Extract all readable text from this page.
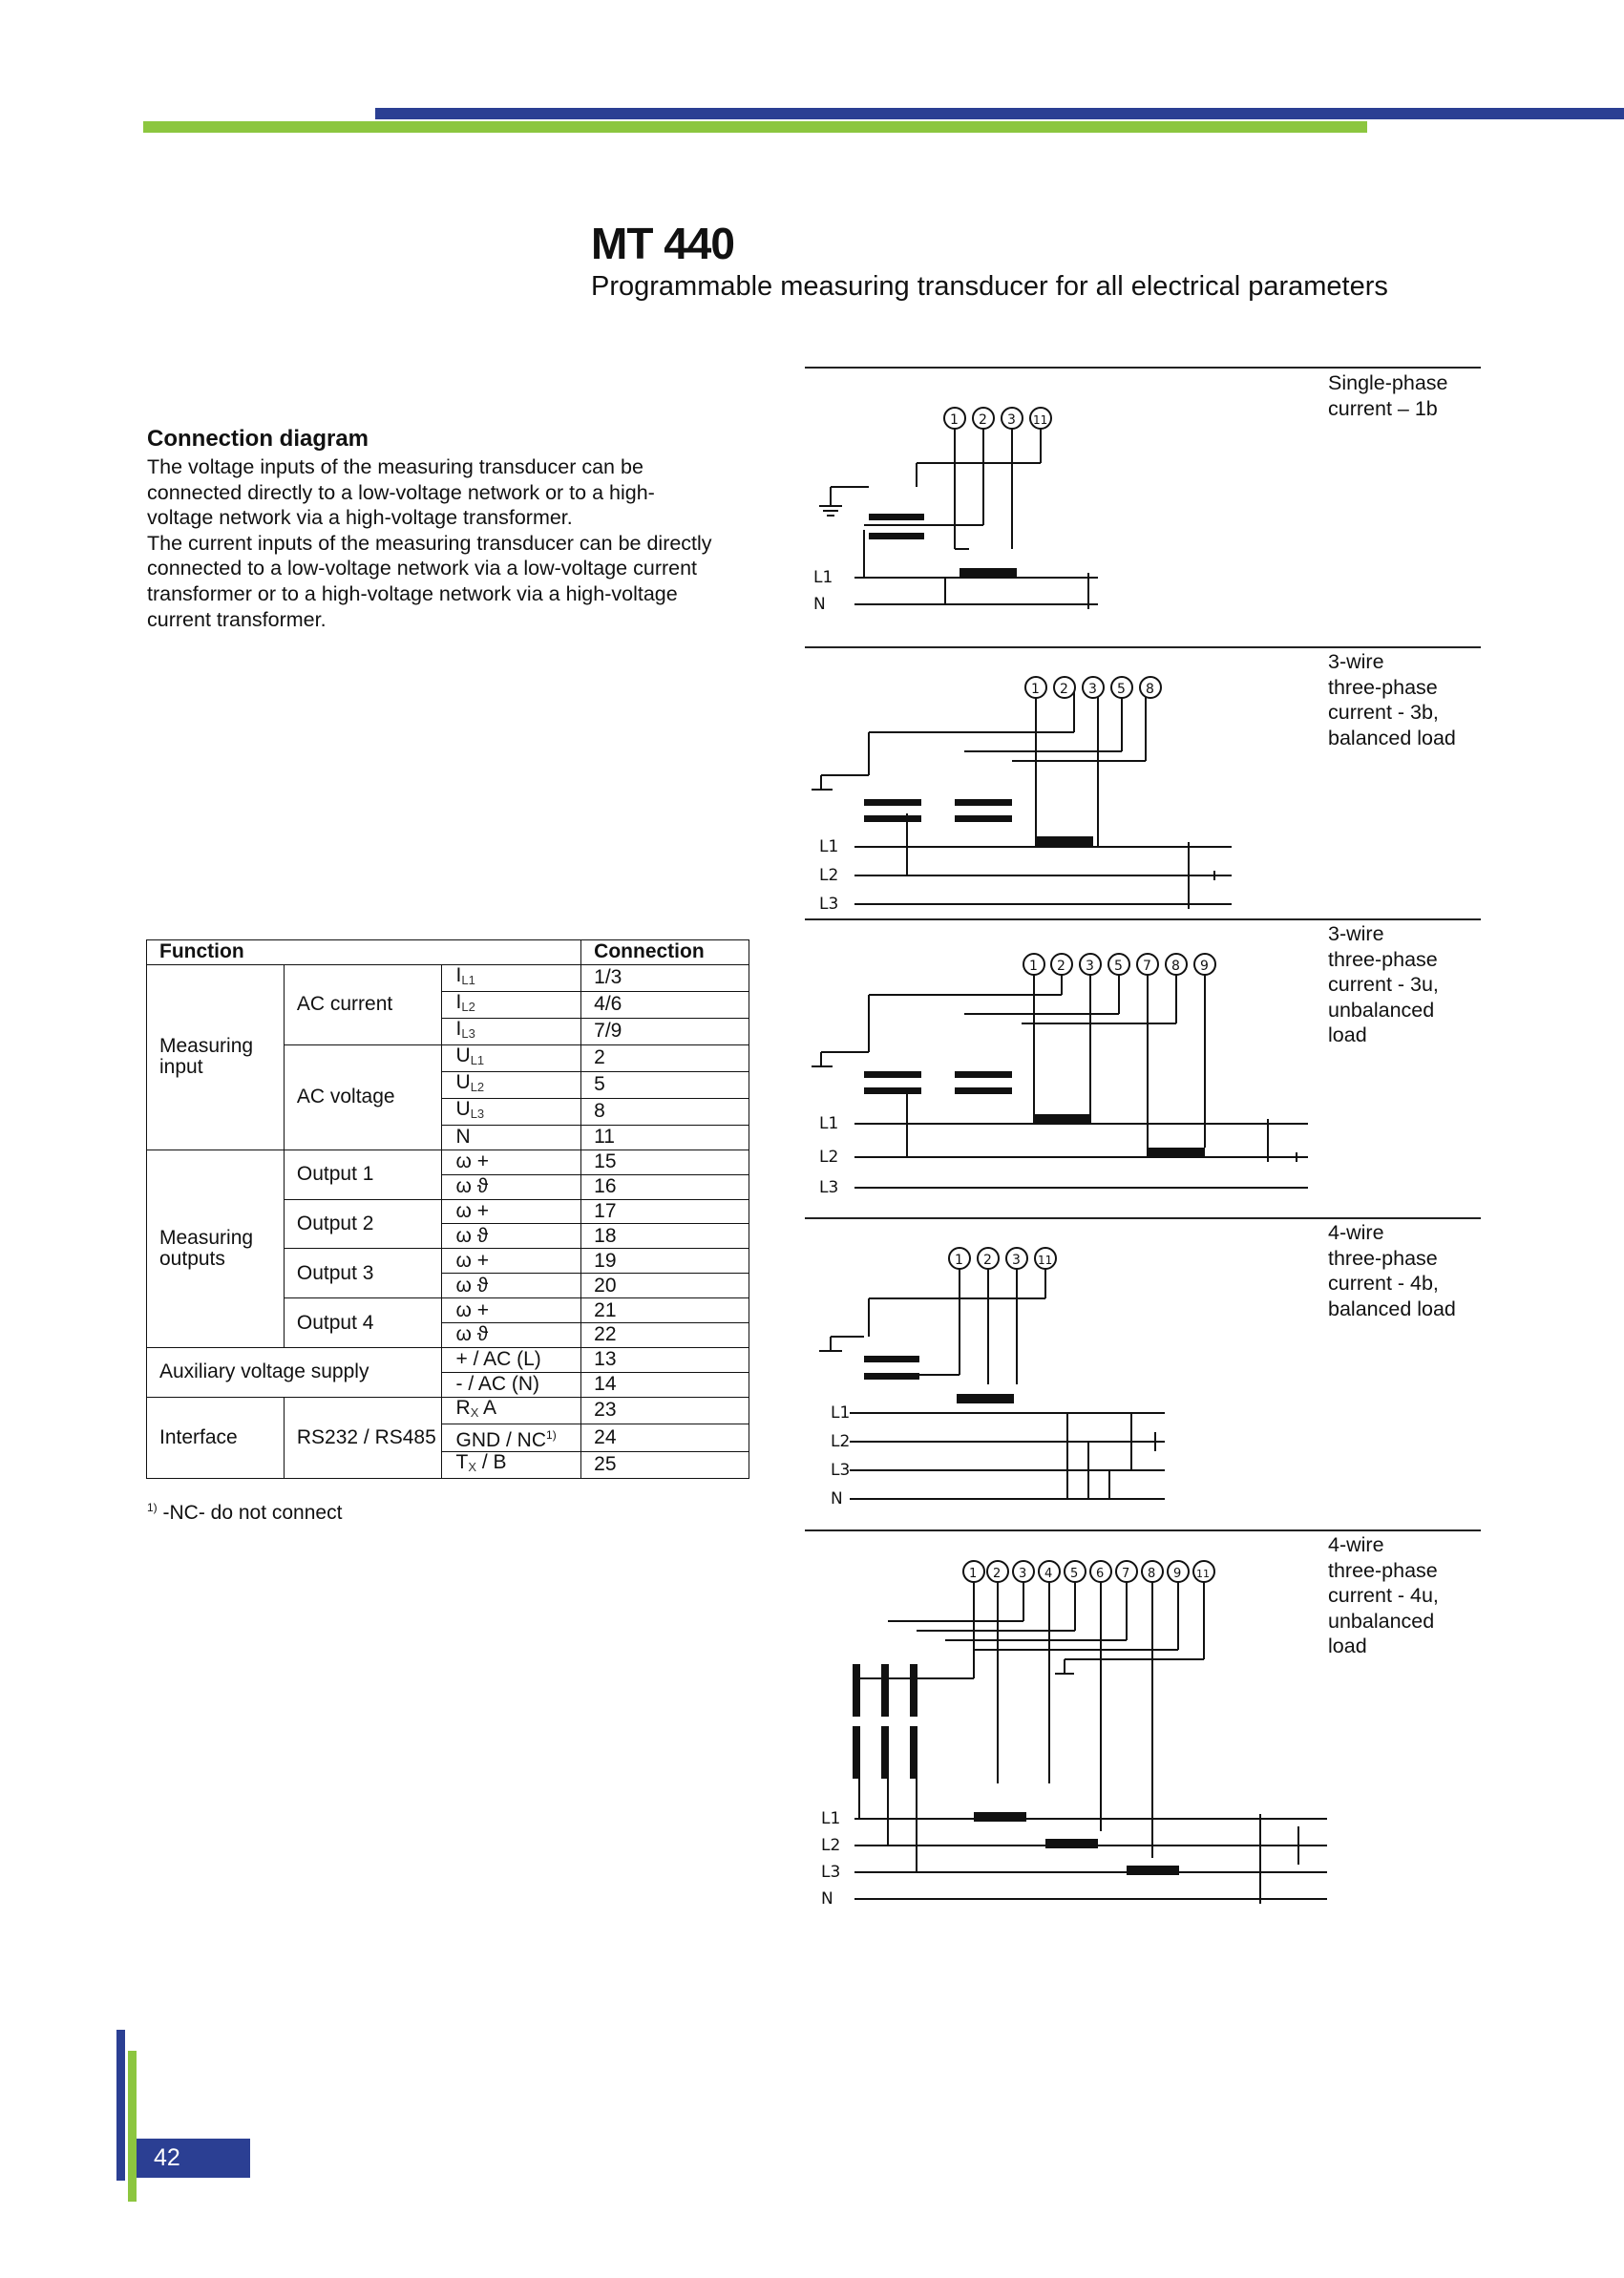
MT 440
Programmable measuring transducer for all electrical parameters
Connection diagram

The voltage inputs of the measuring transducer can be connected directly to a low-voltage network or to a high-voltage network via a high-voltage transformer.

The current inputs of the measuring transducer can be directly connected to a low-voltage network via a low-voltage current transformer or to a high-voltage network via a high-voltage current transformer.

Function			Connection
Measuring input	AC current	$I_{L1}$	1/3
		$I_{L2}$	4/6
		$I_{L3}$	7/9
	AC voltage	$U_{L1}$	2
		$U_{L2}$	5
		$U_{L3}$	8
		N	11
Measuring outputs	Output 1	ω +	15
		ω ϑ	16
	Output 2	ω +	17
		ω ϑ	18
	Output 3	ω +	19
		ω ϑ	20
	Output 4	ω +	21
		ω ϑ	22
Auxiliary voltage supply		+ / AC (L)	13
		- / AC (N)	14
Interface	RS232 / RS485	$R_X$ A	23
		GND / NC$^{1)}$	24
		$T_X$ / B	25
$^{1)}$ -NC- do not connect

Single-phase

current – 1b

3-wire

three-phase

current - 3b,

balanced load

3-wire

three-phase

current - 3u,

unbalanced

load

4-wire

three-phase

current - 4b,

balanced load

4-wire

three-phase

current - 4u,

unbalanced

load

1 2 3 11
L1
N
1 2 3 5 8
L1
L2
L3
1 2 3 5 7 8 9
L1
L2
L3
1 2 3 11
L1
L2
L3
N
1 2 3 4 5 6 7 8 9 11
L1
L2
L3
N
42
